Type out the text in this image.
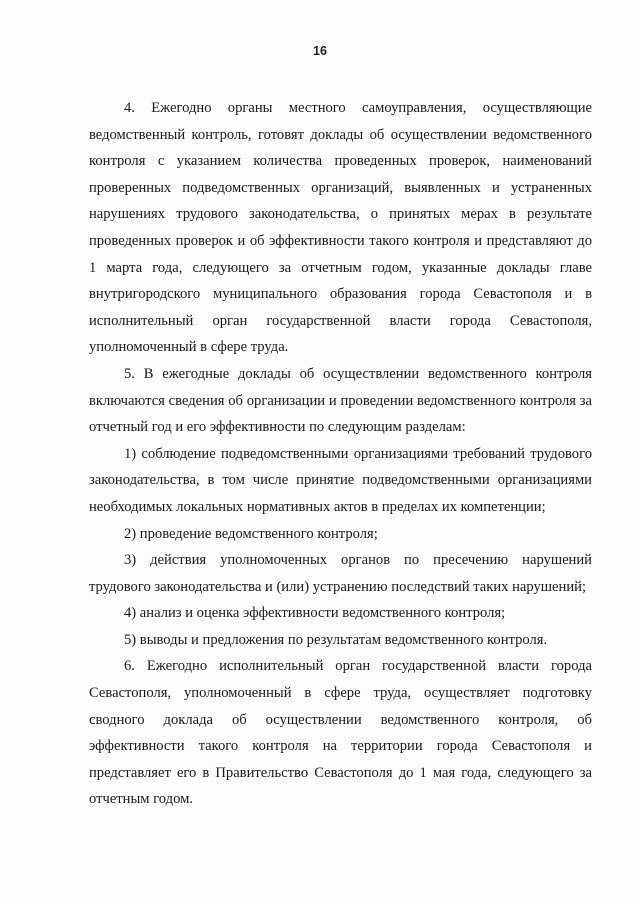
16

4. Ежегодно органы местного самоуправления, осуществляющие ведомственный контроль, готовят доклады об осуществлении ведомственного контроля с указанием количества проведенных проверок, наименований проверенных подведомственных организаций, выявленных и устраненных нарушениях трудового законодательства, о принятых мерах в результате проведенных проверок и об эффективности такого контроля и представляют до 1 марта года, следующего за отчетным годом, указанные доклады главе внутригородского муниципального образования города Севастополя и в исполнительный орган государственной власти города Севастополя, уполномоченный в сфере труда.

5. В ежегодные доклады об осуществлении ведомственного контроля включаются сведения об организации и проведении ведомственного контроля за отчетный год и его эффективности по следующим разделам:

1) соблюдение подведомственными организациями требований трудового законодательства, в том числе принятие подведомственными организациями необходимых локальных нормативных актов в пределах их компетенции;

2) проведение ведомственного контроля;

3) действия уполномоченных органов по пресечению нарушений трудового законодательства и (или) устранению последствий таких нарушений;

4) анализ и оценка эффективности ведомственного контроля;

5) выводы и предложения по результатам ведомственного контроля.

6. Ежегодно исполнительный орган государственной власти города Севастополя, уполномоченный в сфере труда, осуществляет подготовку сводного доклада об осуществлении ведомственного контроля, об эффективности такого контроля на территории города Севастополя и представляет его в Правительство Севастополя до 1 мая года, следующего за отчетным годом.
